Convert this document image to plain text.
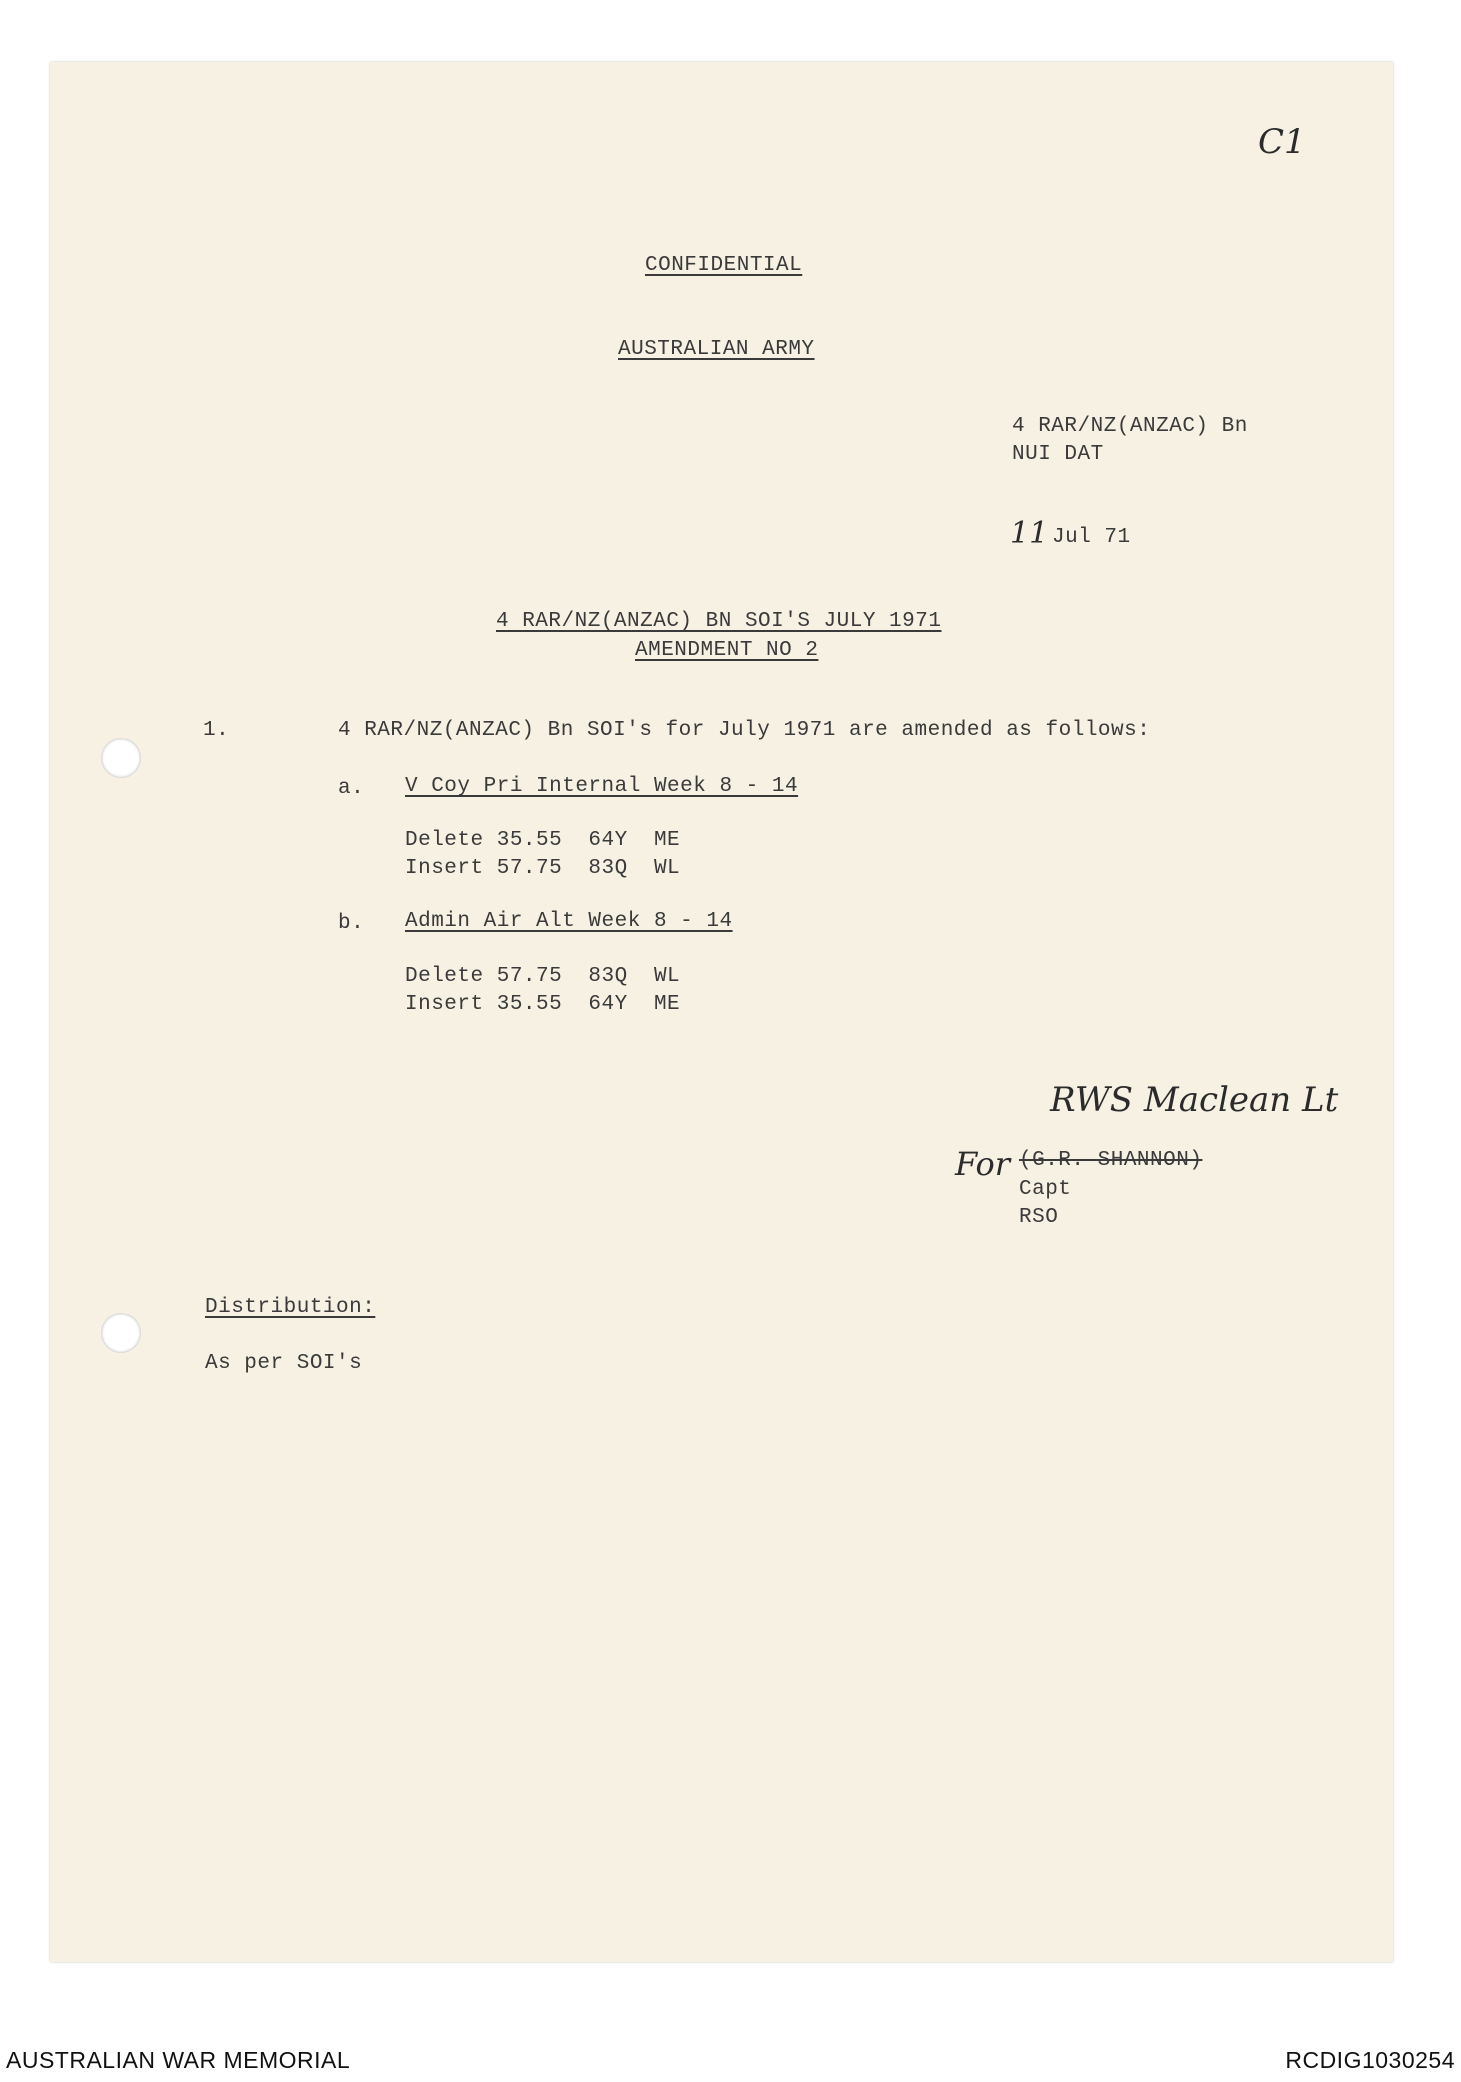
C1
CONFIDENTIAL
AUSTRALIAN ARMY
4 RAR/NZ(ANZAC) Bn
NUI DAT
11 Jul 71
4 RAR/NZ(ANZAC) BN SOI'S JULY 1971
AMENDMENT NO 2
1.	4 RAR/NZ(ANZAC) Bn SOI's for July 1971 are amended as follows:
a. V Coy Pri Internal Week 8 - 14
Delete 35.55  64Y  ME
Insert 57.75  83Q  WL
b. Admin Air Alt Week 8 - 14
Delete 57.75  83Q  WL
Insert 35.55  64Y  ME
RWS Maclean Lt
For (G.R. SHANNON)
Capt
RSO
Distribution:
As per SOI's
AUSTRALIAN WAR MEMORIAL	RCDIG1030254
